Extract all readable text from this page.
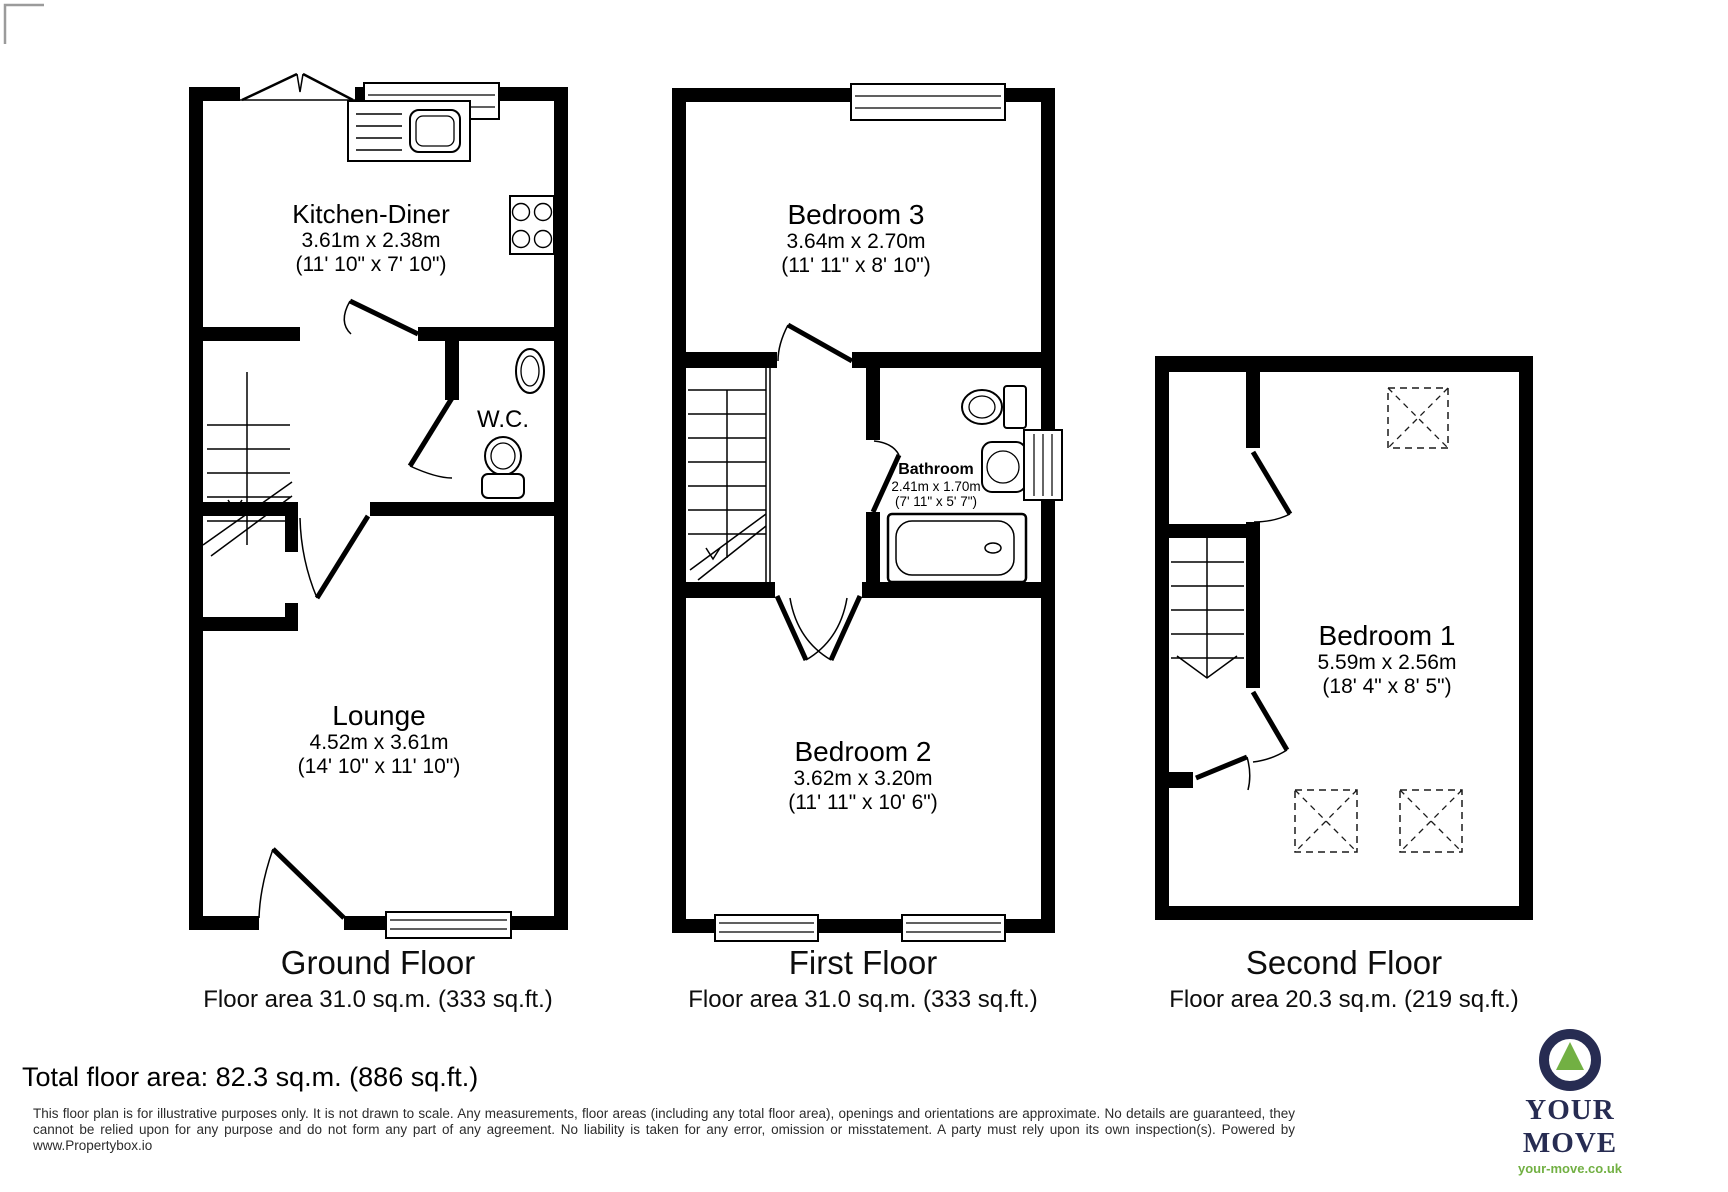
Kitchen-Diner
3.61m x 2.38m
(11' 10" x 7' 10")
W.C.
Lounge
4.52m x 3.61m
(14' 10" x 11' 10")
Bedroom 3
3.64m x 2.70m
(11' 11" x 8' 10")
Bathroom
2.41m x 1.70m
(7' 11" x 5' 7")
Bedroom 2
3.62m x 3.20m
(11' 11" x 10' 6")
Bedroom 1
5.59m x 2.56m
(18' 4" x 8' 5")
Ground Floor
Floor area 31.0 sq.m. (333 sq.ft.)
First Floor
Floor area 31.0 sq.m. (333 sq.ft.)
Second Floor
Floor area 20.3 sq.m. (219 sq.ft.)
Total floor area: 82.3 sq.m. (886 sq.ft.)
This floor plan is for illustrative purposes only. It is not drawn to scale. Any measurements, floor areas (including any total floor area), openings and orientations are approximate. No details are guaranteed, they cannot be relied upon for any purpose and do not form any part of any agreement. No liability is taken for any error, omission or misstatement. A party must rely upon its own inspection(s). Powered by www.Propertybox.io
YOUR MOVE
your-move.co.uk
